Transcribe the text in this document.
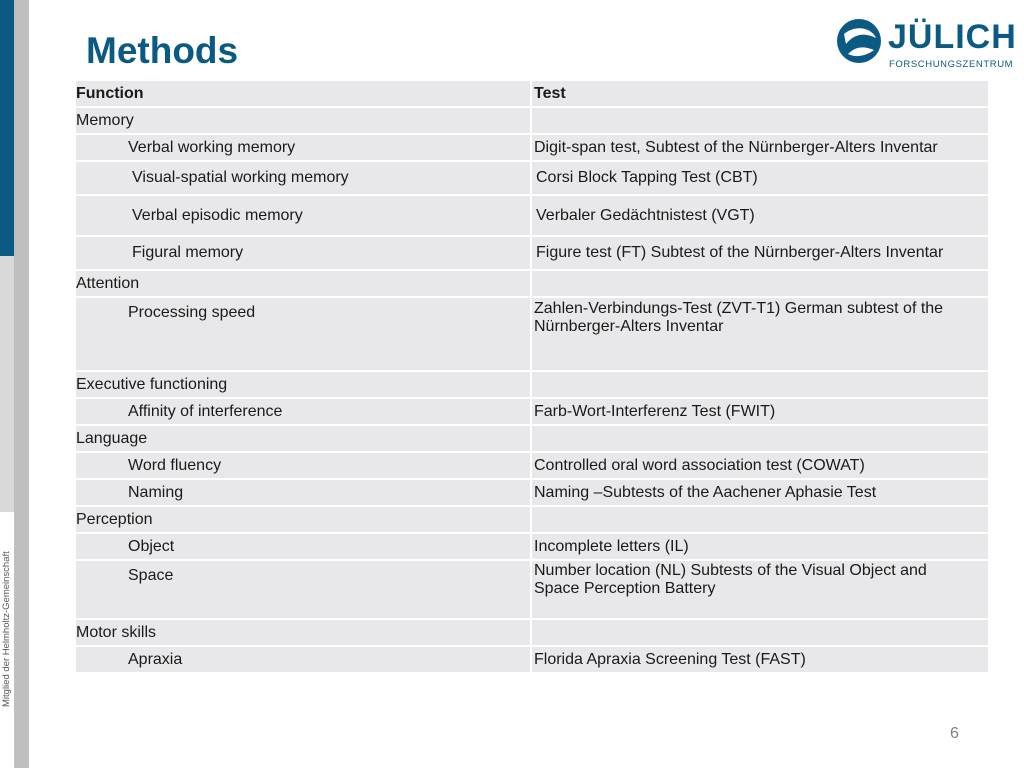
Mitglied der Helmholtz-Gemeinschaft
Methods	JÜLICH
FORSCHUNGSZENTRUM
Function	Test
Memory	
Verbal working memory	Digit-span test, Subtest of the Nürnberger-Alters Inventar
Visual-spatial working memory	Corsi Block Tapping Test (CBT)
Verbal episodic memory	Verbaler Gedächtnistest (VGT)
Figural memory	Figure test (FT) Subtest of the Nürnberger-Alters Inventar
Attention	
Processing speed	Zahlen-Verbindungs-Test (ZVT-T1) German subtest of the
Nürnberger-Alters Inventar

Executive functioning	
Affinity of interference	Farb-Wort-Interferenz Test (FWIT)
Language	
Word fluency	Controlled oral word association test (COWAT)
Naming	Naming –Subtests of the Aachener Aphasie Test
Perception	
Object	Incomplete letters (IL)
Space	Number location (NL) Subtests of the Visual Object and
Space Perception Battery

Motor skills	
Apraxia	Florida Apraxia Screening Test (FAST)
6
